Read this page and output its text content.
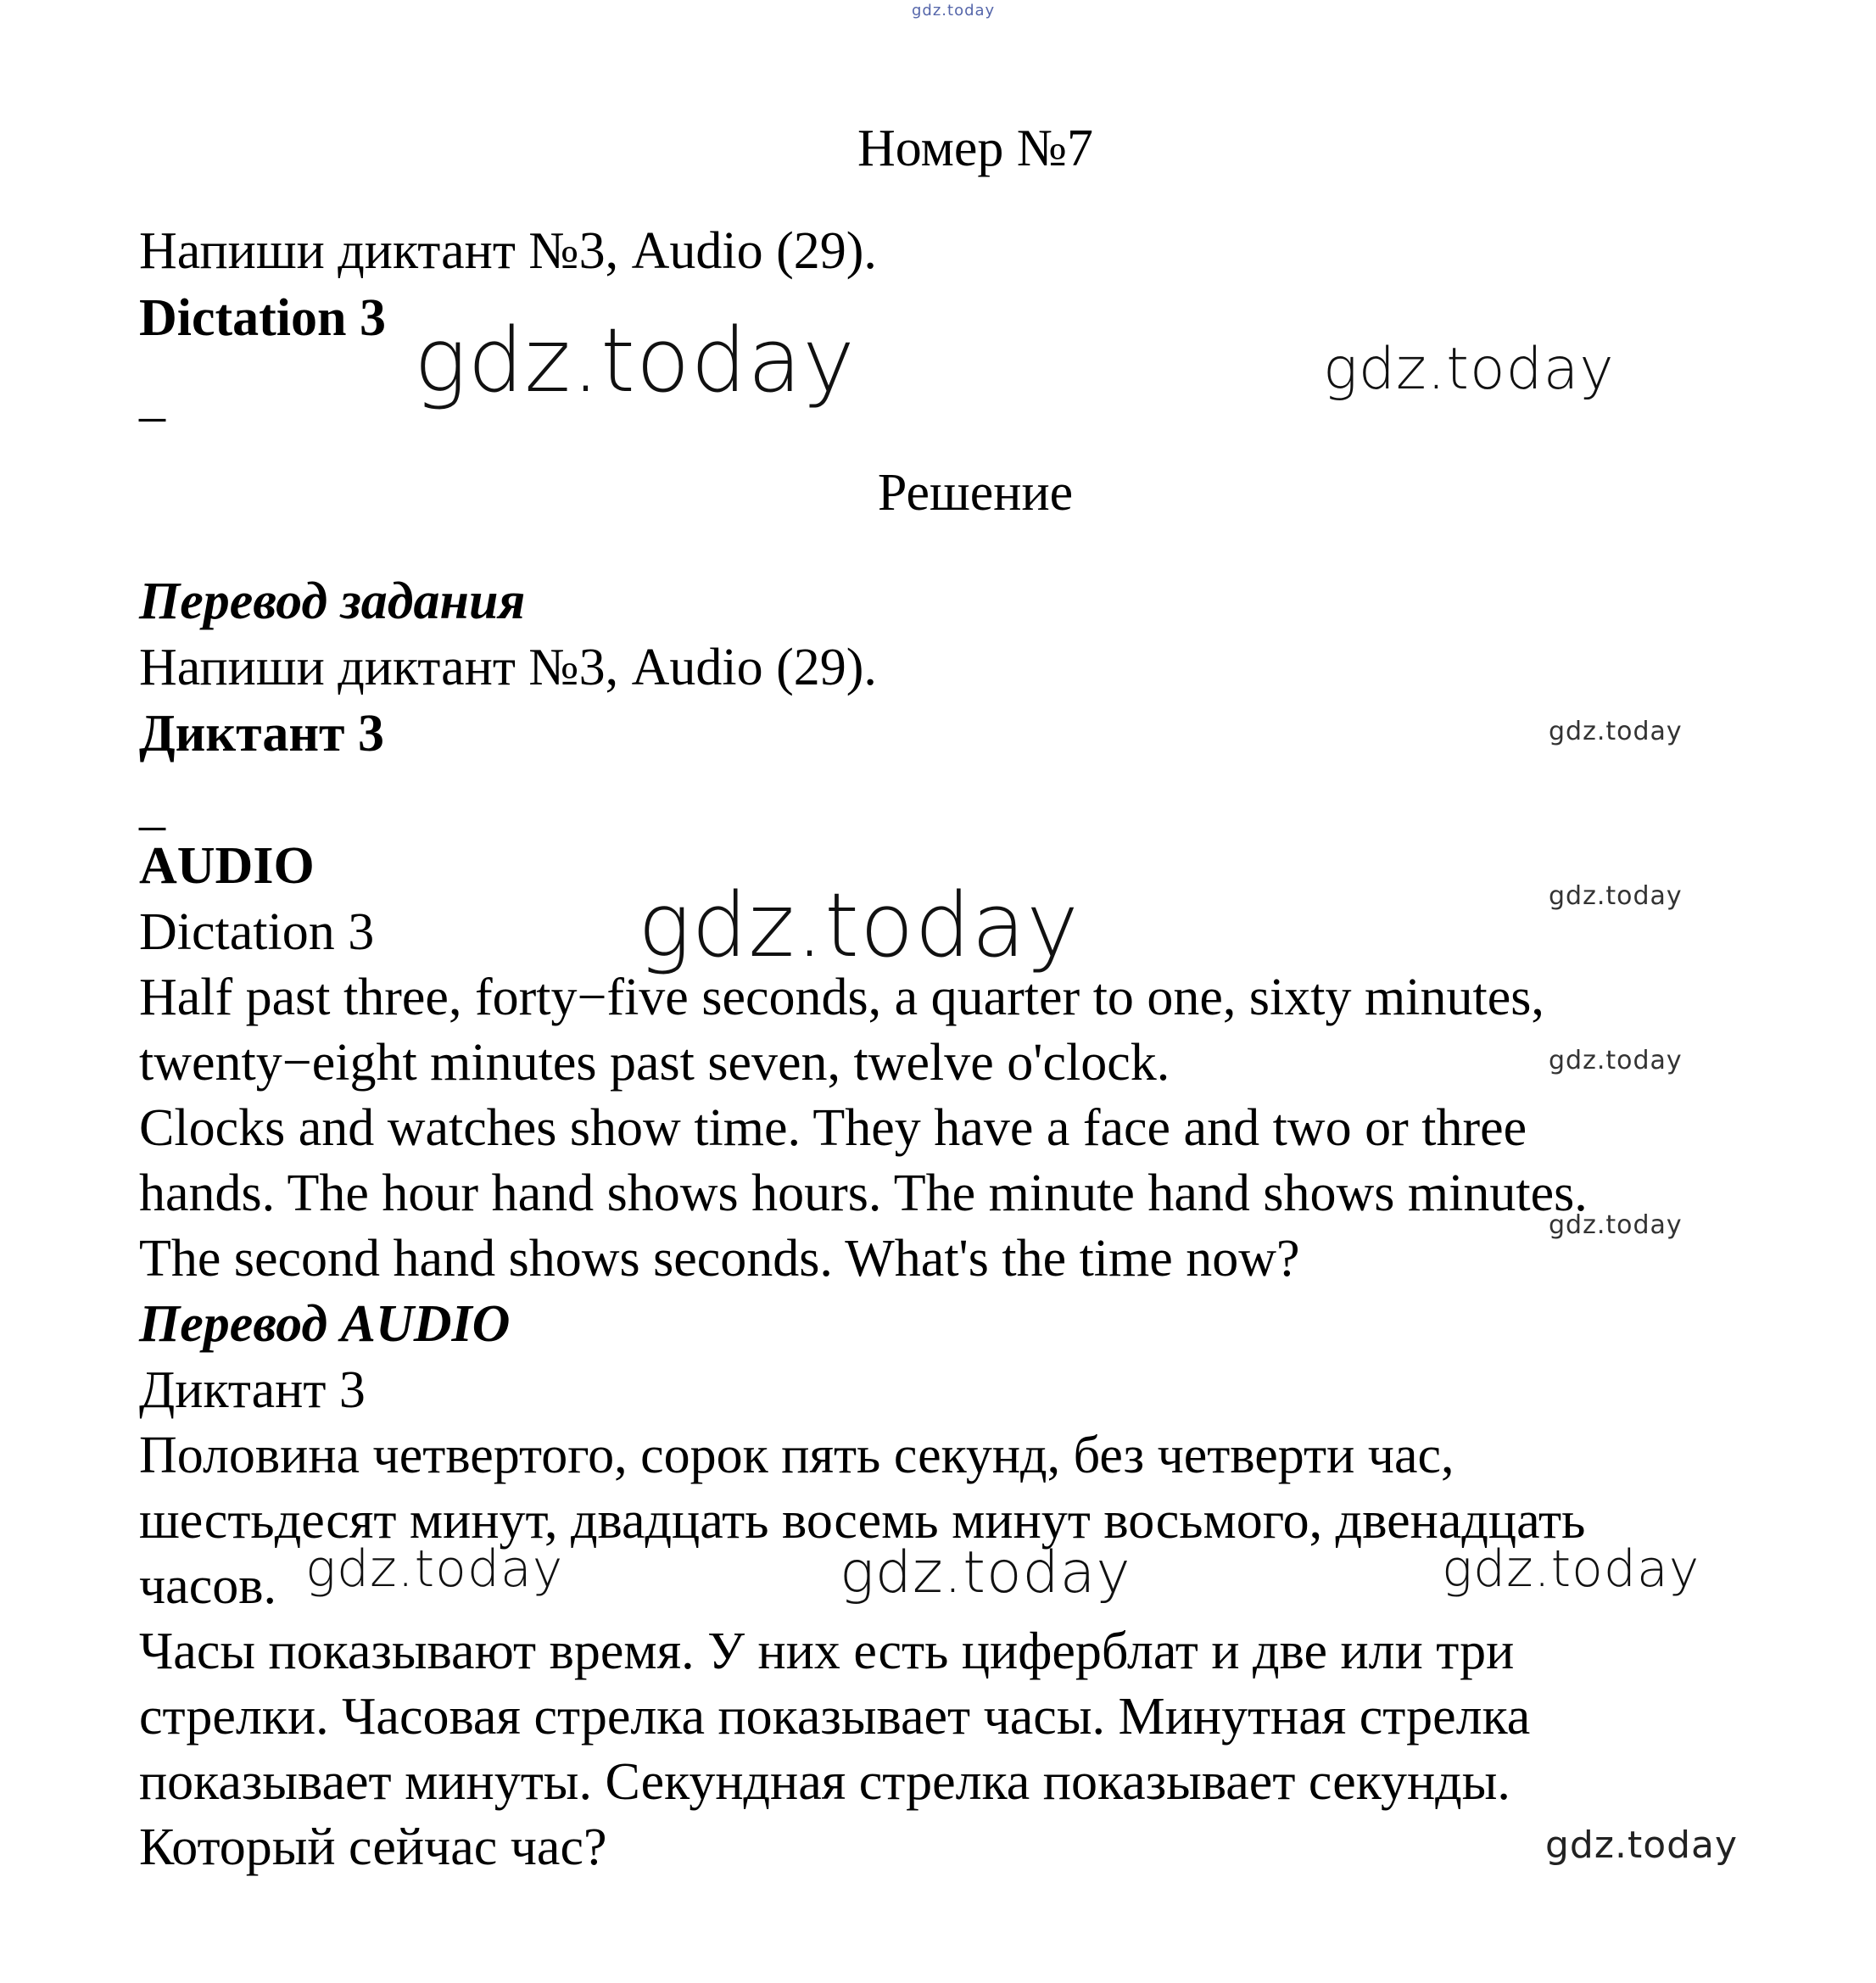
gdz.today
gdz.today	gdz.today
gdz.today
gdz.today
gdz.today
gdz.today
gdz.today
gdz.today	gdz.today	gdz.today
gdz.today
Номер №7
Напиши диктант №3, Audio (29).
Dictation 3
_
Решение
Перевод задания
Напиши диктант №3, Audio (29).
Диктант 3
_
AUDIO
Dictation 3
Half past three, forty−five seconds, a quarter to one, sixty minutes,
twenty−eight minutes past seven, twelve o'clock.
Clocks and watches show time. They have a face and two or three
hands. The hour hand shows hours. The minute hand shows minutes.
The second hand shows seconds. What's the time now?
Перевод AUDIO
Диктант 3
Половина четвертого, сорок пять секунд, без четверти час,
шестьдесят минут, двадцать восемь минут восьмого, двенадцать
часов.
Часы показывают время. У них есть циферблат и две или три
стрелки. Часовая стрелка показывает часы. Минутная стрелка
показывает минуты. Секундная стрелка показывает секунды.
Который сейчас час?
